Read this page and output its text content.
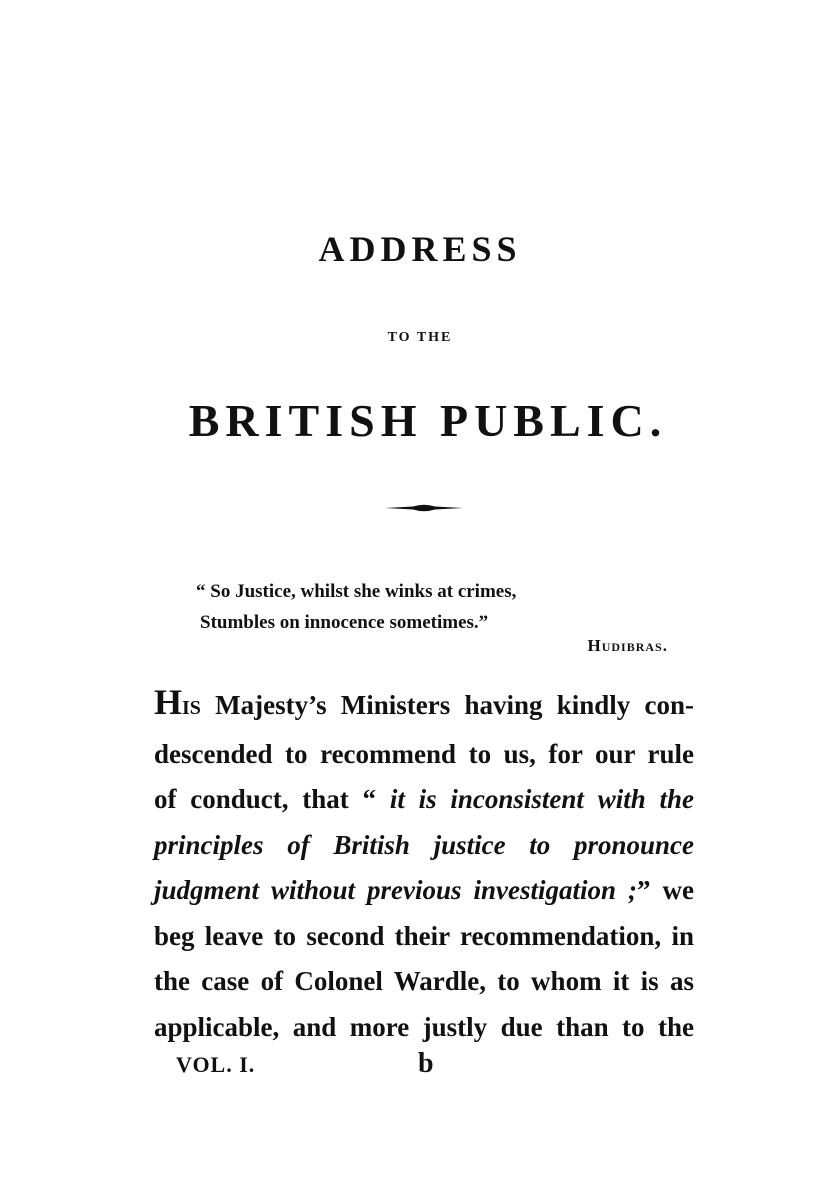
ADDRESS
TO THE
BRITISH PUBLIC.
“ So Justice, whilst she winks at crimes,
Stumbles on innocence sometimes.”
Hudibras.
HIS Majesty’s Ministers having kindly con-
descended to recommend to us, for our rule
of conduct, that “ it is inconsistent with the
principles of British justice to pronounce
judgment without previous investigation ;” we
beg leave to second their recommendation, in
the case of Colonel Wardle, to whom it is as
applicable, and more justly due than to the
VOL. I.	b
